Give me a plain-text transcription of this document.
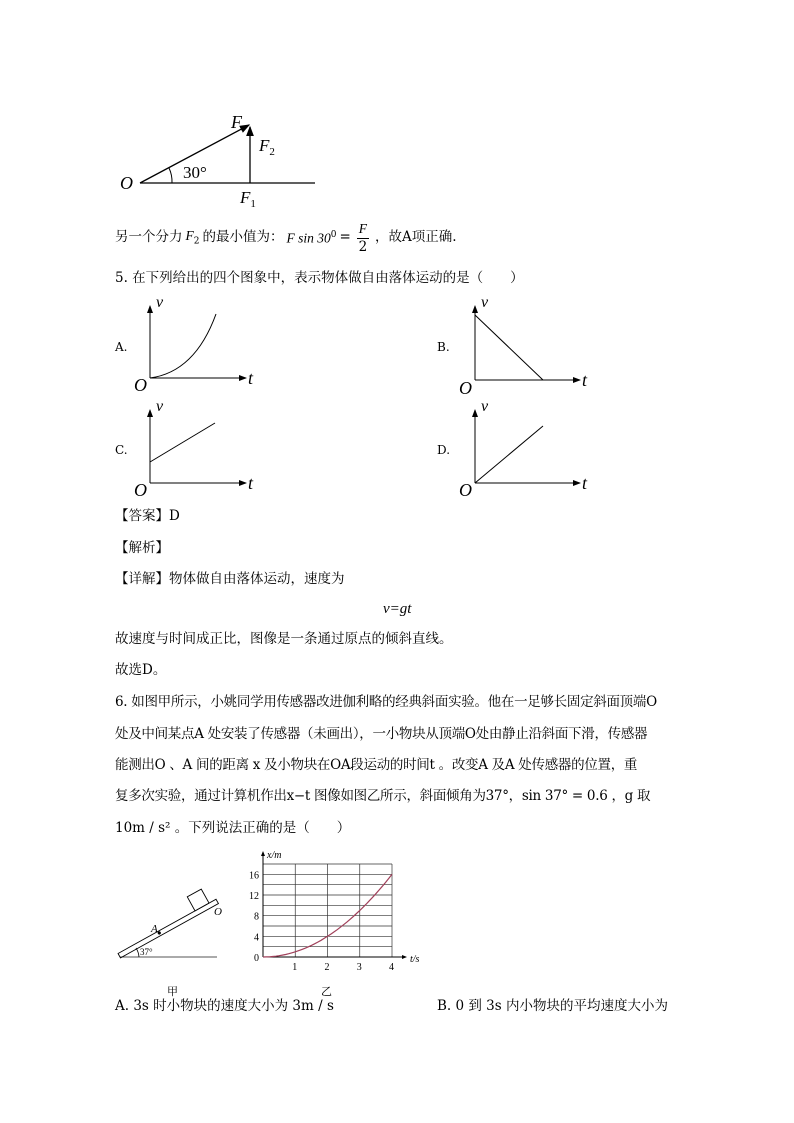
O
F
$F_2$
30°
$F_1$
另一个分力 $F_2$ 的最小值为： F $\sin 30^0 = \frac{F}{2}$ ，故A项正确.
5. 在下列给出的四个图象中，表示物体做自由落体运动的是（　　）
v
t
O
v
t
O
v
t
O
v
t
O
A.	B.
C.	D.
【答案】D
【解析】
【详解】物体做自由落体运动，速度为
v=gt
故速度与时间成正比，图像是一条通过原点的倾斜直线。
故选D。
6. 如图甲所示，小姚同学用传感器改进伽利略的经典斜面实验。他在一足够长固定斜面顶端O
处及中间某点A 处安装了传感器（未画出），一小物块从顶端O处由静止沿斜面下滑，传感器
能测出O 、A 间的距离 x 及小物块在OA段运动的时间t 。改变A 及A 处传感器的位置，重
复多次实验，通过计算机作出x−t 图像如图乙所示，斜面倾角为37°，sin 37° = 0.6 ，g 取
10m / s² 。下列说法正确的是（　　）
A
O
37°
甲
1	2	3	4
0
4
8
12
16
x/m
t/s
乙
A. 3s 时小物块的速度大小为 3m / s	B. 0 到 3s 内小物块的平均速度大小为
